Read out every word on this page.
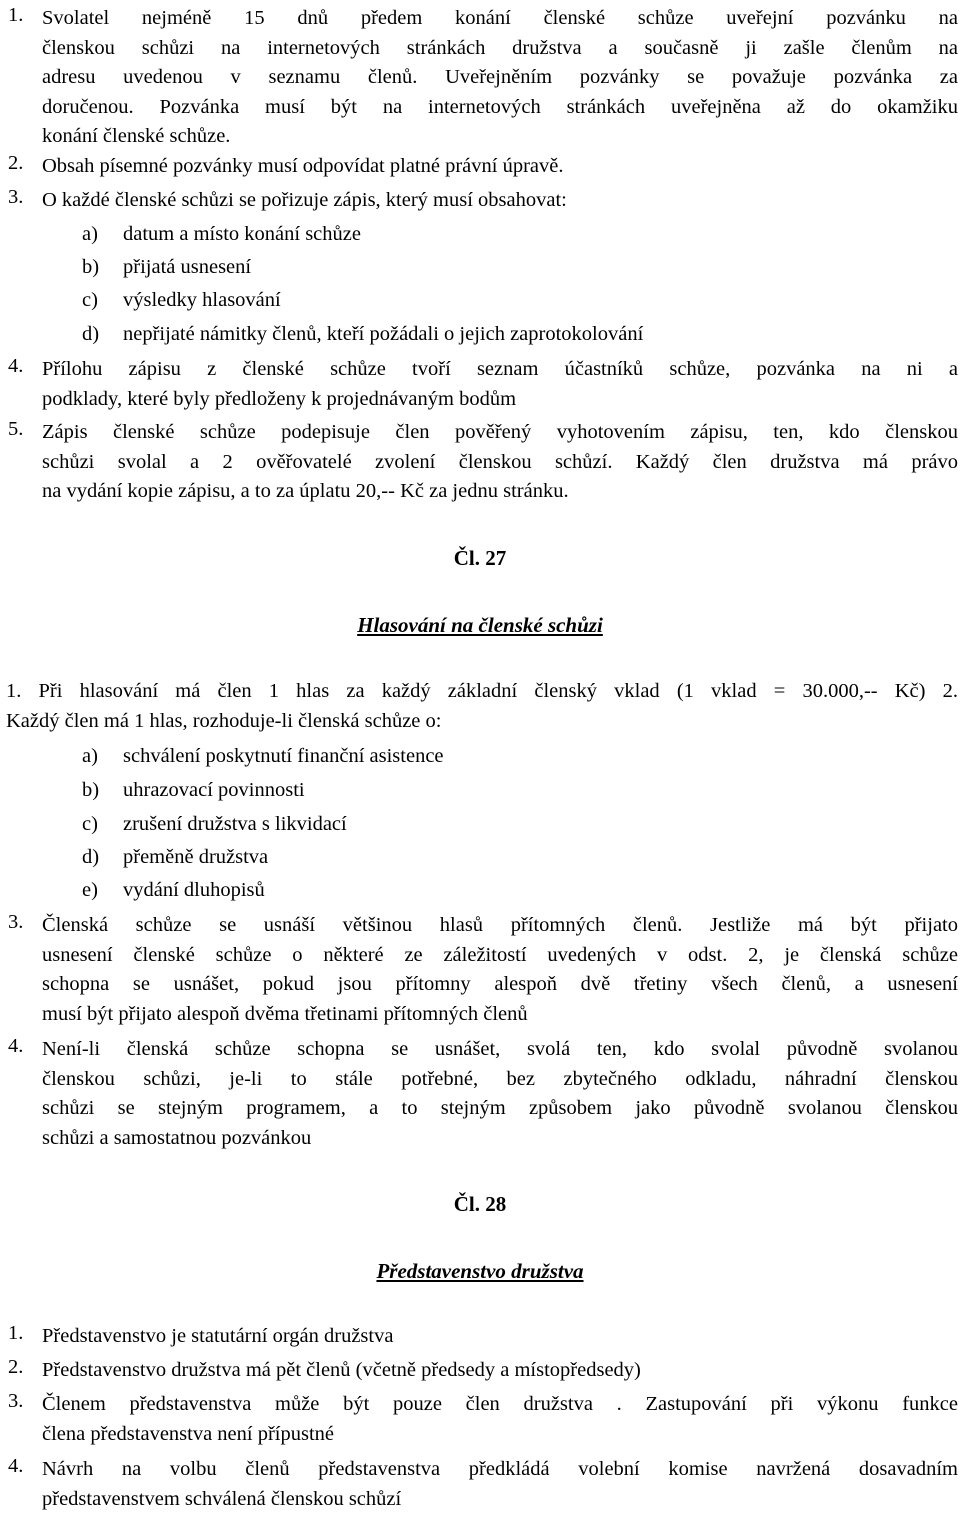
1. Svolatel nejméně 15 dnů předem konání členské schůze uveřejní pozvánku na
členskou schůzi na internetových stránkách družstva a současně ji zašle členům na
adresu uvedenou v seznamu členů. Uveřejněním pozvánky se považuje pozvánka za
doručenou. Pozvánka musí být na internetových stránkách uveřejněna až do okamžiku
konání členské schůze.
2. Obsah písemné pozvánky musí odpovídat platné právní úpravě.
3. O každé členské schůzi se pořizuje zápis, který musí obsahovat:
a) datum a místo konání schůze
b) přijatá usnesení
c) výsledky hlasování
d) nepřijaté námitky členů, kteří požádali o jejich zaprotokolování
4. Přílohu zápisu z členské schůze tvoří seznam účastníků schůze, pozvánka na ni a
podklady, které byly předloženy k projednávaným bodům
5. Zápis členské schůze podepisuje člen pověřený vyhotovením zápisu, ten, kdo členskou
schůzi svolal a 2 ověřovatelé zvolení členskou schůzí. Každý člen družstva má právo
na vydání kopie zápisu, a to za úplatu 20,-- Kč za jednu stránku.
Čl. 27
Hlasování na členské schůzi
1. Při hlasování má člen 1 hlas za každý základní členský vklad (1 vklad = 30.000,-- Kč) 2.
Každý člen má 1 hlas, rozhoduje-li členská schůze o:
a) schválení poskytnutí finanční asistence
b) uhrazovací povinnosti
c) zrušení družstva s likvidací
d) přeměně družstva
e) vydání dluhopisů
3. Členská schůze se usnáší většinou hlasů přítomných členů. Jestliže má být přijato
usnesení členské schůze o některé ze záležitostí uvedených v odst. 2, je členská schůze
schopna se usnášet, pokud jsou přítomny alespoň dvě třetiny všech členů, a usnesení
musí být přijato alespoň dvěma třetinami přítomných členů
4. Není-li členská schůze schopna se usnášet, svolá ten, kdo svolal původně svolanou
členskou schůzi, je-li to stále potřebné, bez zbytečného odkladu, náhradní členskou
schůzi se stejným programem, a to stejným způsobem jako původně svolanou členskou
schůzi a samostatnou pozvánkou
Čl. 28
Představenstvo družstva
1. Představenstvo je statutární orgán družstva
2. Představenstvo družstva má pět členů (včetně předsedy a místopředsedy)
3. Členem představenstva může být pouze člen družstva . Zastupování při výkonu funkce
člena představenstva není přípustné
4. Návrh na volbu členů představenstva předkládá volební komise navržená dosavadním
představenstvem schválená členskou schůzí
